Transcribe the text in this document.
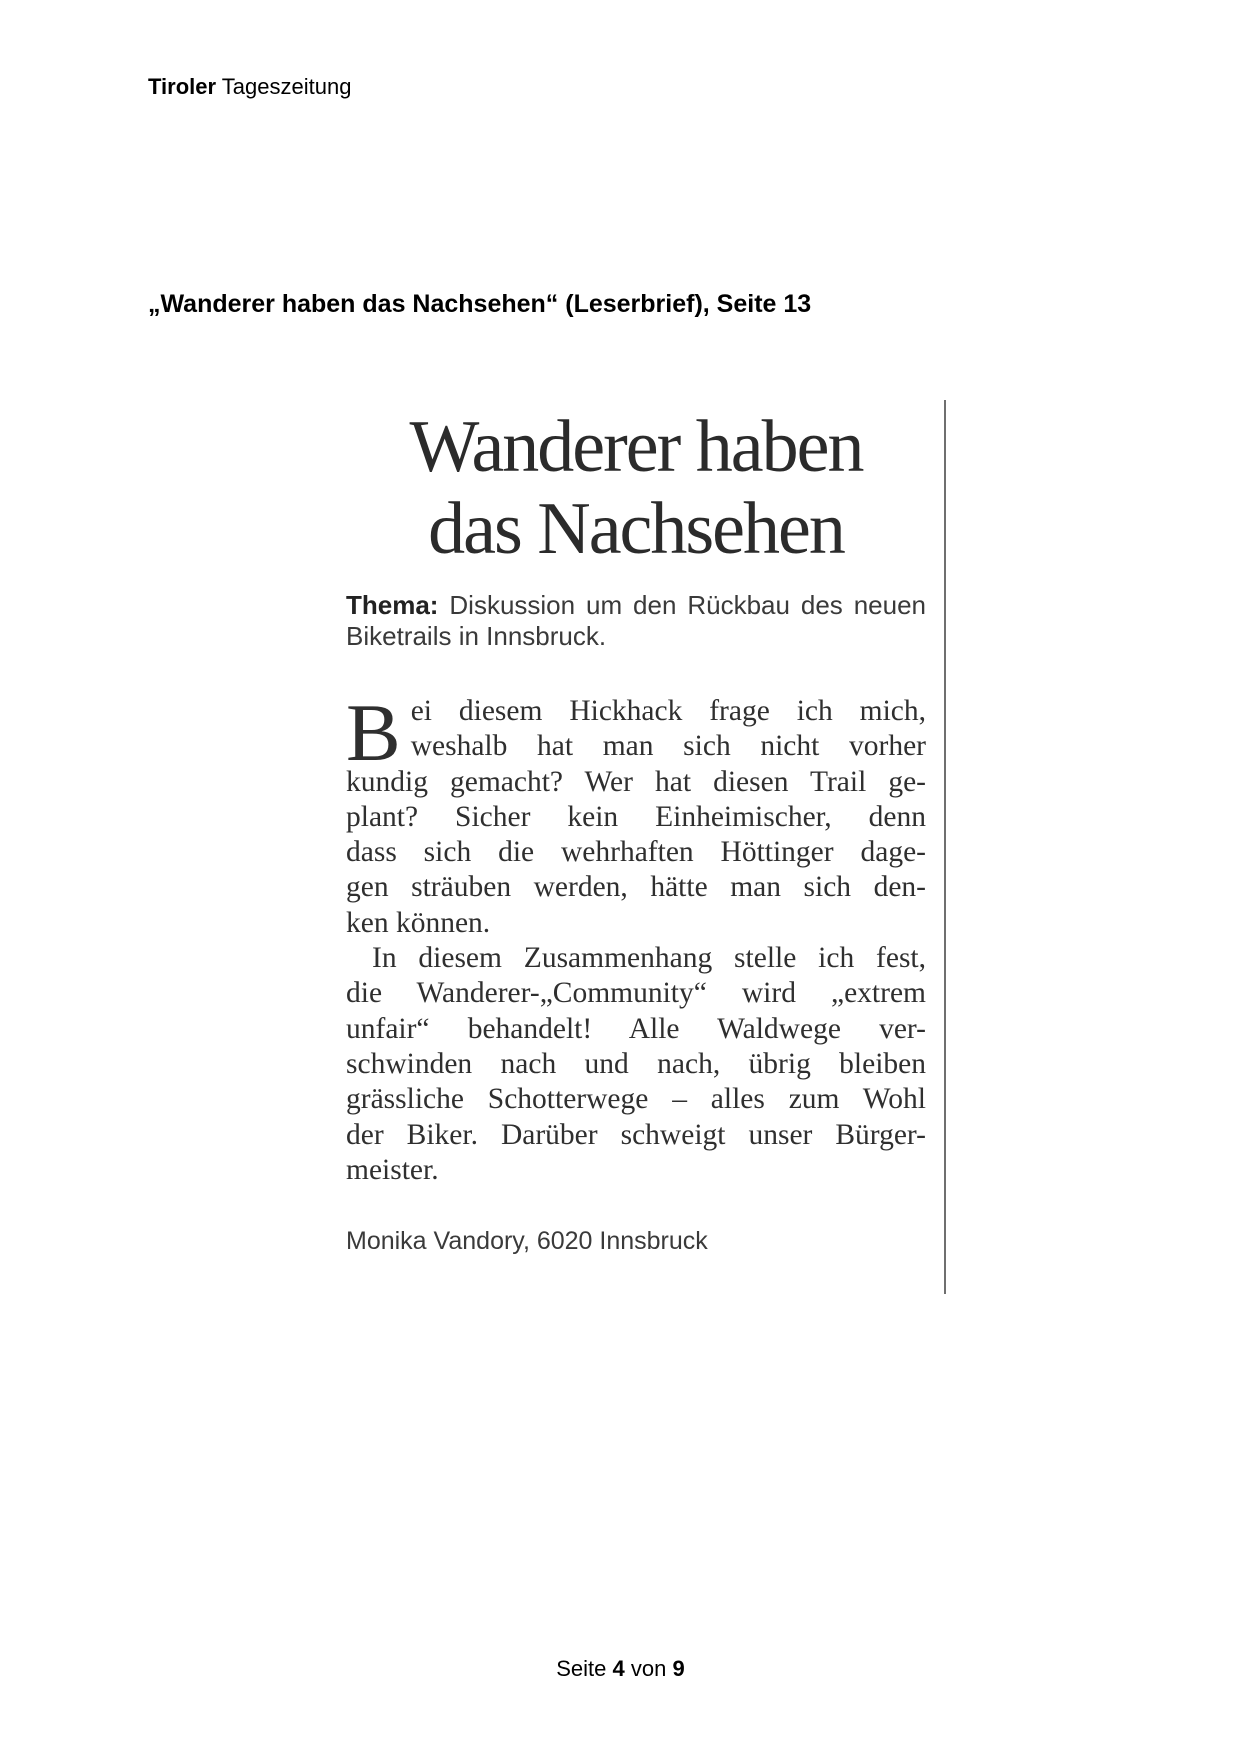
Tiroler Tageszeitung
„Wanderer haben das Nachsehen“ (Leserbrief), Seite 13
Wanderer haben
das Nachsehen
Thema: Diskussion um den Rückbau des neuen Biketrails in Innsbruck.
B ei diesem Hickhack frage ich mich,
weshalb hat man sich nicht vorher
kundig gemacht? Wer hat diesen Trail ge-
plant? Sicher kein Einheimischer, denn
dass sich die wehrhaften Höttinger dage-
gen sträuben werden, hätte man sich den-
ken können.
In diesem Zusammenhang stelle ich fest,
die Wanderer-„Community“ wird „extrem
unfair“ behandelt! Alle Waldwege ver-
schwinden nach und nach, übrig bleiben
grässliche Schotterwege – alles zum Wohl
der Biker. Darüber schweigt unser Bürger-
meister.
Monika Vandory, 6020 Innsbruck
Seite 4 von 9
